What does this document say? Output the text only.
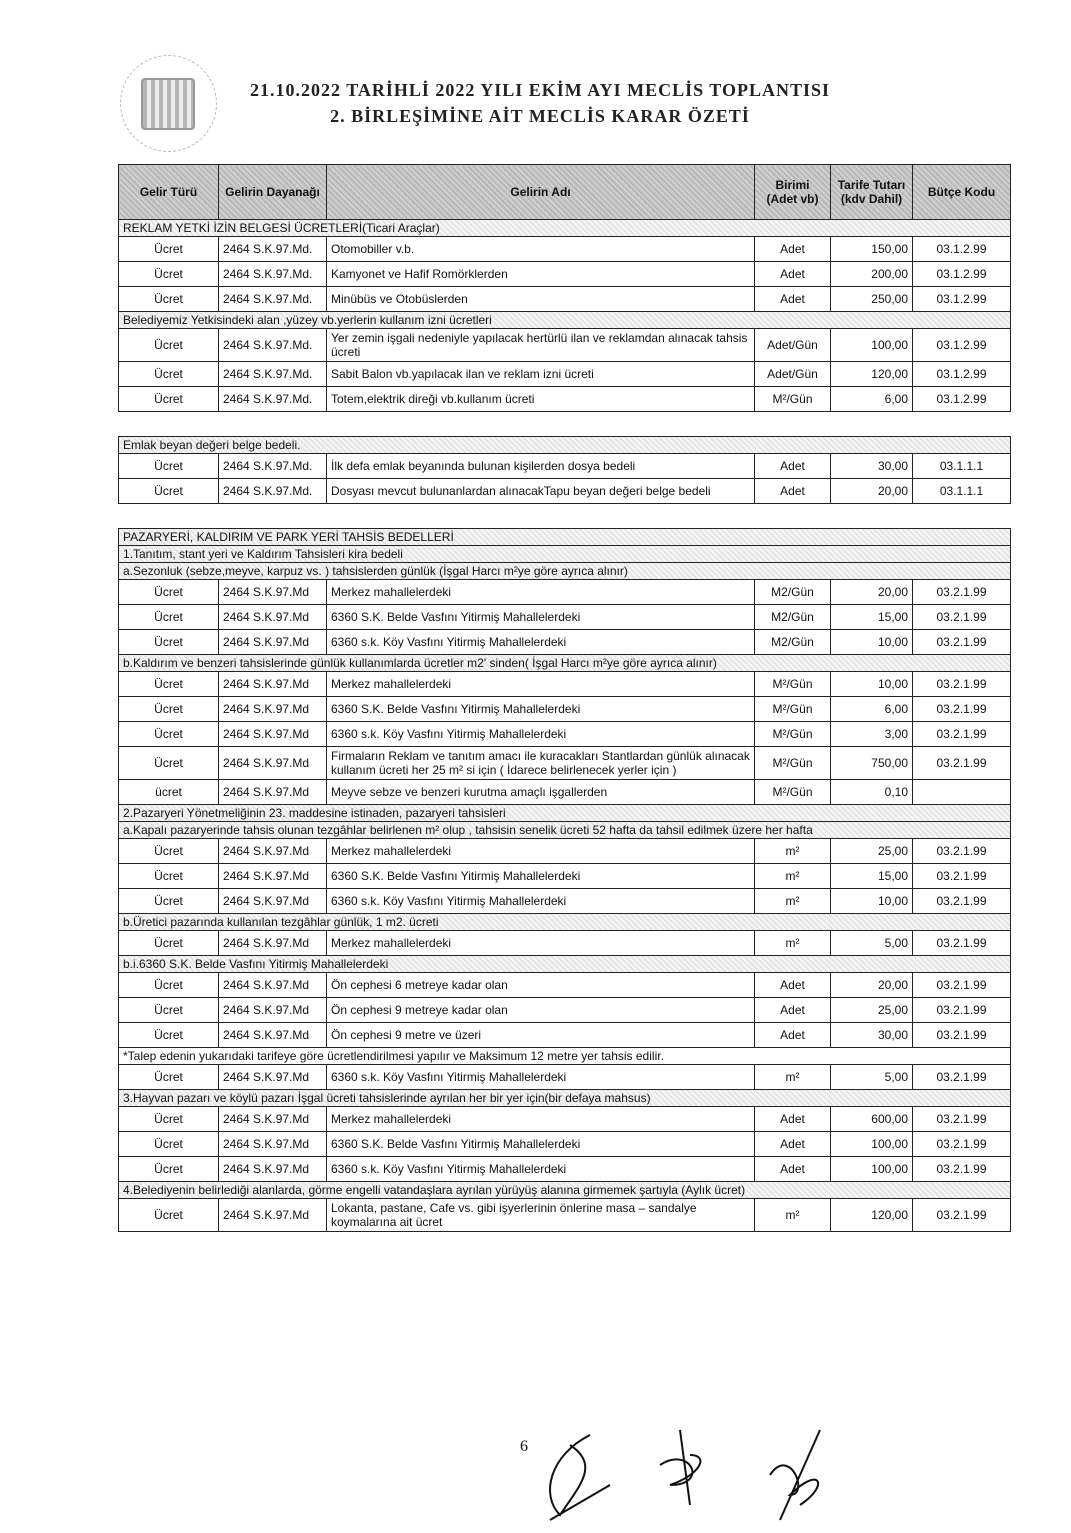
21.10.2022 TARİHLİ 2022 YILI EKİM AYI MECLİS TOPLANTISI
2. BİRLEŞİMİNE AİT MECLİS KARAR ÖZETİ
Gelir Türü	Gelirin Dayanağı	Gelirin Adı	Birimi (Adet vb)	Tarife Tutarı (kdv Dahil)	Bütçe Kodu
REKLAM YETKİ İZİN BELGESİ ÜCRETLERİ(Ticari Araçlar)					
Ücret	2464 S.K.97.Md.	Otomobiller v.b.	Adet	150,00	03.1.2.99
Ücret	2464 S.K.97.Md.	Kamyonet ve Hafif Romörklerden	Adet	200,00	03.1.2.99
Ücret	2464 S.K.97.Md.	Minübüs ve Otobüslerden	Adet	250,00	03.1.2.99
Belediyemiz Yetkisindeki alan ,yüzey vb.yerlerin kullanım izni ücretleri					
Ücret	2464 S.K.97.Md.	Yer zemin işgali nedeniyle yapılacak hertürlü ilan ve reklamdan alınacak tahsis ücreti	Adet/Gün	100,00	03.1.2.99
Ücret	2464 S.K.97.Md.	Sabit Balon vb.yapılacak ilan ve reklam izni ücreti	Adet/Gün	120,00	03.1.2.99
Ücret	2464 S.K.97.Md.	Totem,elektrik direği vb.kullanım ücreti	M²/Gün	6,00	03.1.2.99

Emlak beyan değeri belge bedeli.					
Ücret	2464 S.K.97.Md.	İlk defa emlak beyanında bulunan kişilerden dosya bedeli	Adet	30,00	03.1.1.1
Ücret	2464 S.K.97.Md.	Dosyası mevcut bulunanlardan alınacakTapu beyan değeri belge bedeli	Adet	20,00	03.1.1.1

PAZARYERİ, KALDIRIM VE PARK YERİ TAHSİS BEDELLERİ					
1.Tanıtım, stant yeri ve Kaldırım Tahsisleri kira bedeli					
a.Sezonluk (sebze,meyve, karpuz vs. ) tahsislerden günlük (İşgal Harcı m²ye göre ayrıca alınır)					
Ücret	2464 S.K.97.Md	Merkez mahallelerdeki	M2/Gün	20,00	03.2.1.99
Ücret	2464 S.K.97.Md	6360 S.K. Belde Vasfını Yitirmiş Mahallelerdeki	M2/Gün	15,00	03.2.1.99
Ücret	2464 S.K.97.Md	6360 s.k. Köy Vasfını Yitirmiş Mahallelerdeki	M2/Gün	10,00	03.2.1.99
b.Kaldırım ve benzeri tahsislerinde günlük kullanımlarda ücretler m2' sinden( İşgal Harcı m²ye göre ayrıca alınır)					
Ücret	2464 S.K.97.Md	Merkez mahallelerdeki	M²/Gün	10,00	03.2.1.99
Ücret	2464 S.K.97.Md	6360 S.K. Belde Vasfını Yitirmiş Mahallelerdeki	M²/Gün	6,00	03.2.1.99
Ücret	2464 S.K.97.Md	6360 s.k. Köy Vasfını Yitirmiş Mahallelerdeki	M²/Gün	3,00	03.2.1.99
Ücret	2464 S.K.97.Md	Firmaların Reklam ve tanıtım amacı ile kuracakları Stantlardan günlük alınacak kullanım ücreti her 25 m² si için ( İdarece belirlenecek yerler için )	M²/Gün	750,00	03.2.1.99
ücret	2464 S.K.97.Md	Meyve sebze ve benzeri kurutma amaçlı işgallerden	M²/Gün	0,10	
2.Pazaryeri Yönetmeliğinin 23. maddesine istinaden, pazaryeri tahsisleri					
a.Kapalı pazaryerinde tahsis olunan tezgâhlar belirlenen m² olup , tahsisin senelik ücreti 52 hafta da tahsil edilmek üzere her hafta					
Ücret	2464 S.K.97.Md	Merkez mahallelerdeki	m²	25,00	03.2.1.99
Ücret	2464 S.K.97.Md	6360 S.K. Belde Vasfını Yitirmiş Mahallelerdeki	m²	15,00	03.2.1.99
Ücret	2464 S.K.97.Md	6360 s.k. Köy Vasfını Yitirmiş Mahallelerdeki	m²	10,00	03.2.1.99
b.Üretici pazarında kullanılan tezgâhlar günlük, 1 m2. ücreti					
Ücret	2464 S.K.97.Md	Merkez mahallelerdeki	m²	5,00	03.2.1.99
b.i.6360 S.K. Belde Vasfını Yitirmiş Mahallelerdeki					
Ücret	2464 S.K.97.Md	Ön cephesi 6 metreye kadar olan	Adet	20,00	03.2.1.99
Ücret	2464 S.K.97.Md	Ön cephesi 9 metreye kadar olan	Adet	25,00	03.2.1.99
Ücret	2464 S.K.97.Md	Ön cephesi 9 metre ve üzeri	Adet	30,00	03.2.1.99
*Talep edenin yukarıdaki tarifeye göre ücretlendirilmesi yapılır ve Maksimum 12 metre yer tahsis edilir.					
Ücret	2464 S.K.97.Md	6360 s.k. Köy Vasfını Yitirmiş Mahallelerdeki	m²	5,00	03.2.1.99
3.Hayvan pazarı ve köylü pazarı İşgal ücreti tahsislerinde ayrılan her bir yer için(bir defaya mahsus)					
Ücret	2464 S.K.97.Md	Merkez mahallelerdeki	Adet	600,00	03.2.1.99
Ücret	2464 S.K.97.Md	6360 S.K. Belde Vasfını Yitirmiş Mahallelerdeki	Adet	100,00	03.2.1.99
Ücret	2464 S.K.97.Md	6360 s.k. Köy Vasfını Yitirmiş Mahallelerdeki	Adet	100,00	03.2.1.99
4.Belediyenin belirlediği alanlarda, görme engelli vatandaşlara ayrılan yürüyüş alanına girmemek şartıyla (Aylık ücret)					
Ücret	2464 S.K.97.Md	Lokanta, pastane, Cafe vs. gibi işyerlerinin önlerine masa – sandalye koymalarına ait ücret	m²	120,00	03.2.1.99
6
